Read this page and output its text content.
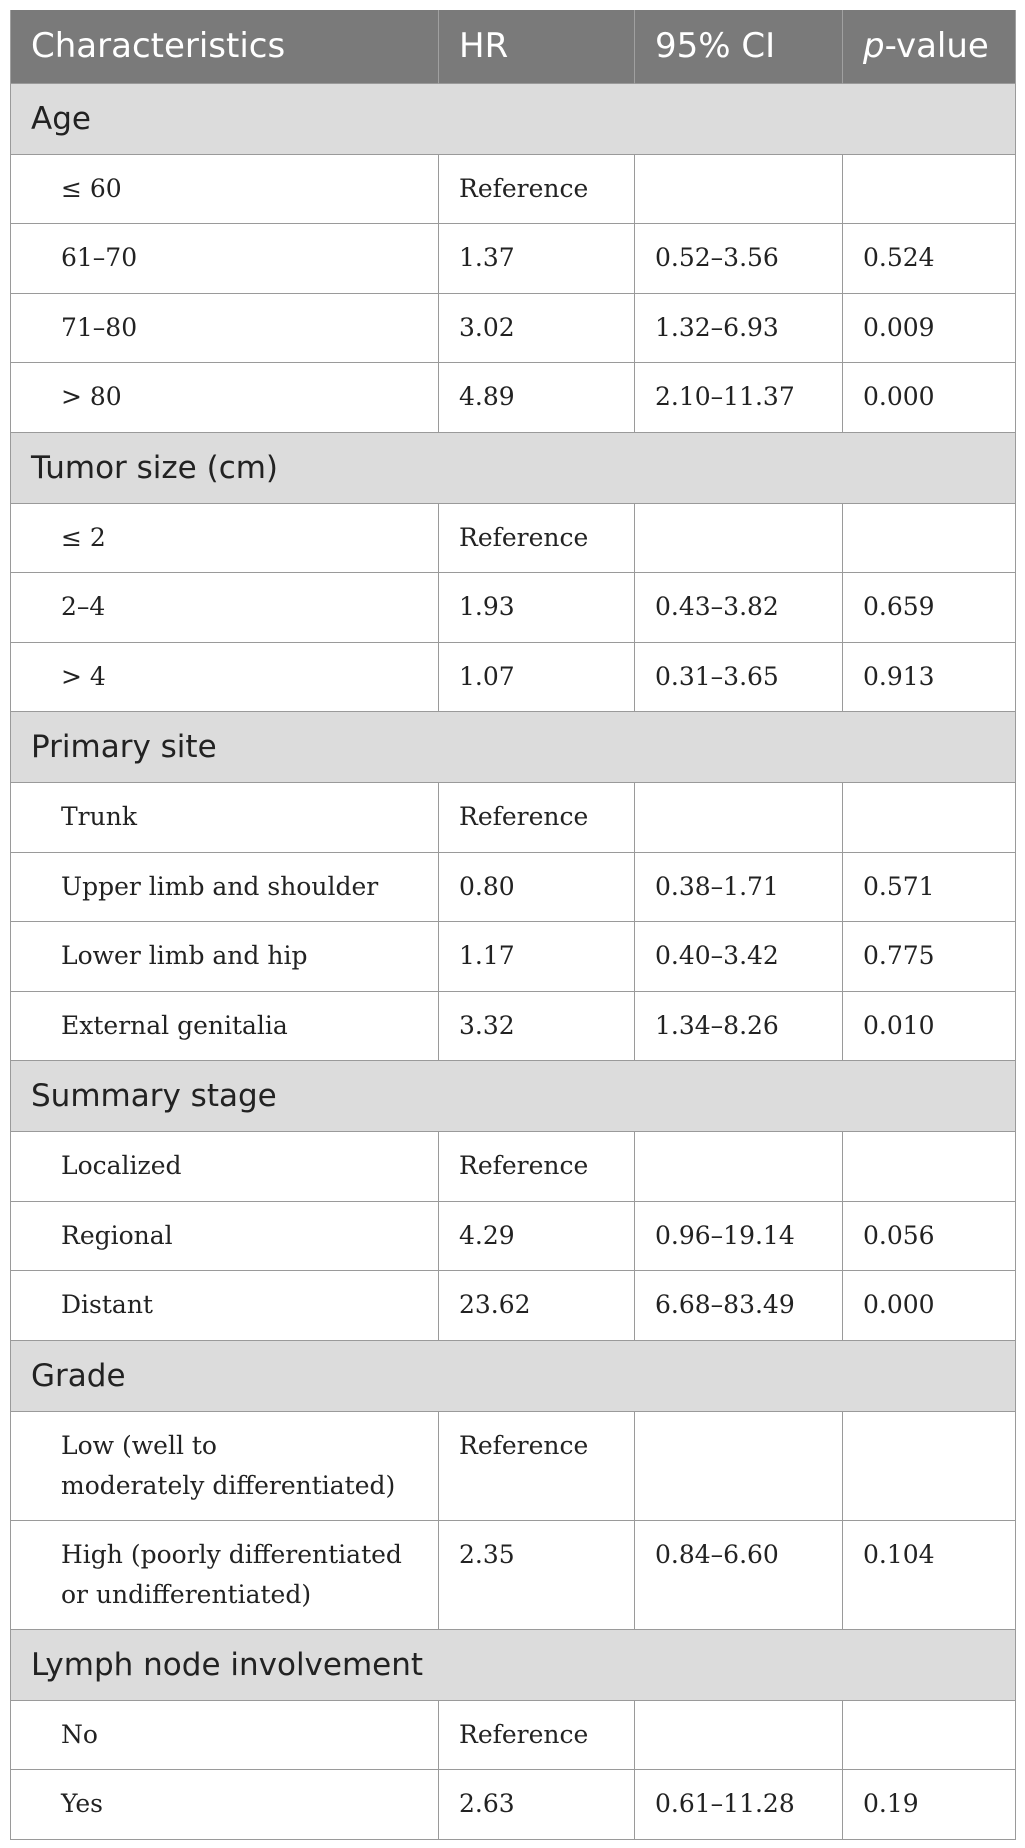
Characteristics	HR	95% CI	p-value
Age			
≤ 60	Reference		
61–70	1.37	0.52–3.56	0.524
71–80	3.02	1.32–6.93	0.009
> 80	4.89	2.10–11.37	0.000
Tumor size (cm)			
≤ 2	Reference		
2–4	1.93	0.43–3.82	0.659
> 4	1.07	0.31–3.65	0.913
Primary site			
Trunk	Reference		
Upper limb and shoulder	0.80	0.38–1.71	0.571
Lower limb and hip	1.17	0.40–3.42	0.775
External genitalia	3.32	1.34–8.26	0.010
Summary stage			
Localized	Reference		
Regional	4.29	0.96–19.14	0.056
Distant	23.62	6.68–83.49	0.000
Grade			

Low (well to
moderately differentiated)	Reference		

High (poorly differentiated
or undifferentiated)	2.35	0.84–6.60	0.104
Lymph node involvement			
No	Reference		
Yes	2.63	0.61–11.28	0.19
